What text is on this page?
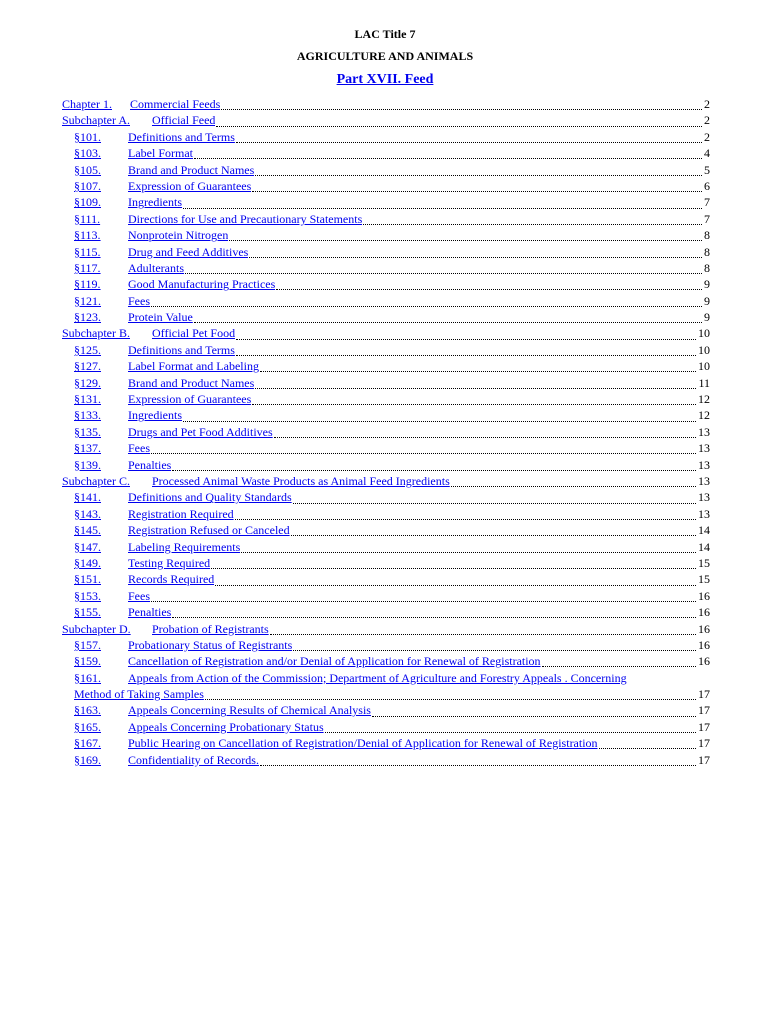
LAC Title 7
AGRICULTURE AND ANIMALS
Part XVII. Feed
Chapter 1.	Commercial Feeds	2
Subchapter A.	Official Feed	2
§101.	Definitions and Terms	2
§103.	Label Format	4
§105.	Brand and Product Names	5
§107.	Expression of Guarantees	6
§109.	Ingredients	7
§111.	Directions for Use and Precautionary Statements	7
§113.	Nonprotein Nitrogen	8
§115.	Drug and Feed Additives	8
§117.	Adulterants	8
§119.	Good Manufacturing Practices	9
§121.	Fees	9
§123.	Protein Value	9
Subchapter B.	Official Pet Food	10
§125.	Definitions and Terms	10
§127.	Label Format and Labeling	10
§129.	Brand and Product Names	11
§131.	Expression of Guarantees	12
§133.	Ingredients	12
§135.	Drugs and Pet Food Additives	13
§137.	Fees	13
§139.	Penalties	13
Subchapter C.	Processed Animal Waste Products as Animal Feed Ingredients	13
§141.	Definitions and Quality Standards	13
§143.	Registration Required	13
§145.	Registration Refused or Canceled	14
§147.	Labeling Requirements	14
§149.	Testing Required	15
§151.	Records Required	15
§153.	Fees	16
§155.	Penalties	16
Subchapter D.	Probation of Registrants	16
§157.	Probationary Status of Registrants	16
§159.	Cancellation of Registration and/or Denial of Application for Renewal of Registration	16
§161.	Appeals from Action of the Commission; Department of Agriculture and Forestry Appeals . Concerning
Method of Taking Samples	17
§163.	Appeals Concerning Results of Chemical Analysis	17
§165.	Appeals Concerning Probationary Status	17
§167.	Public Hearing on Cancellation of Registration/Denial of Application for Renewal of Registration	17
§169.	Confidentiality of Records.	17
